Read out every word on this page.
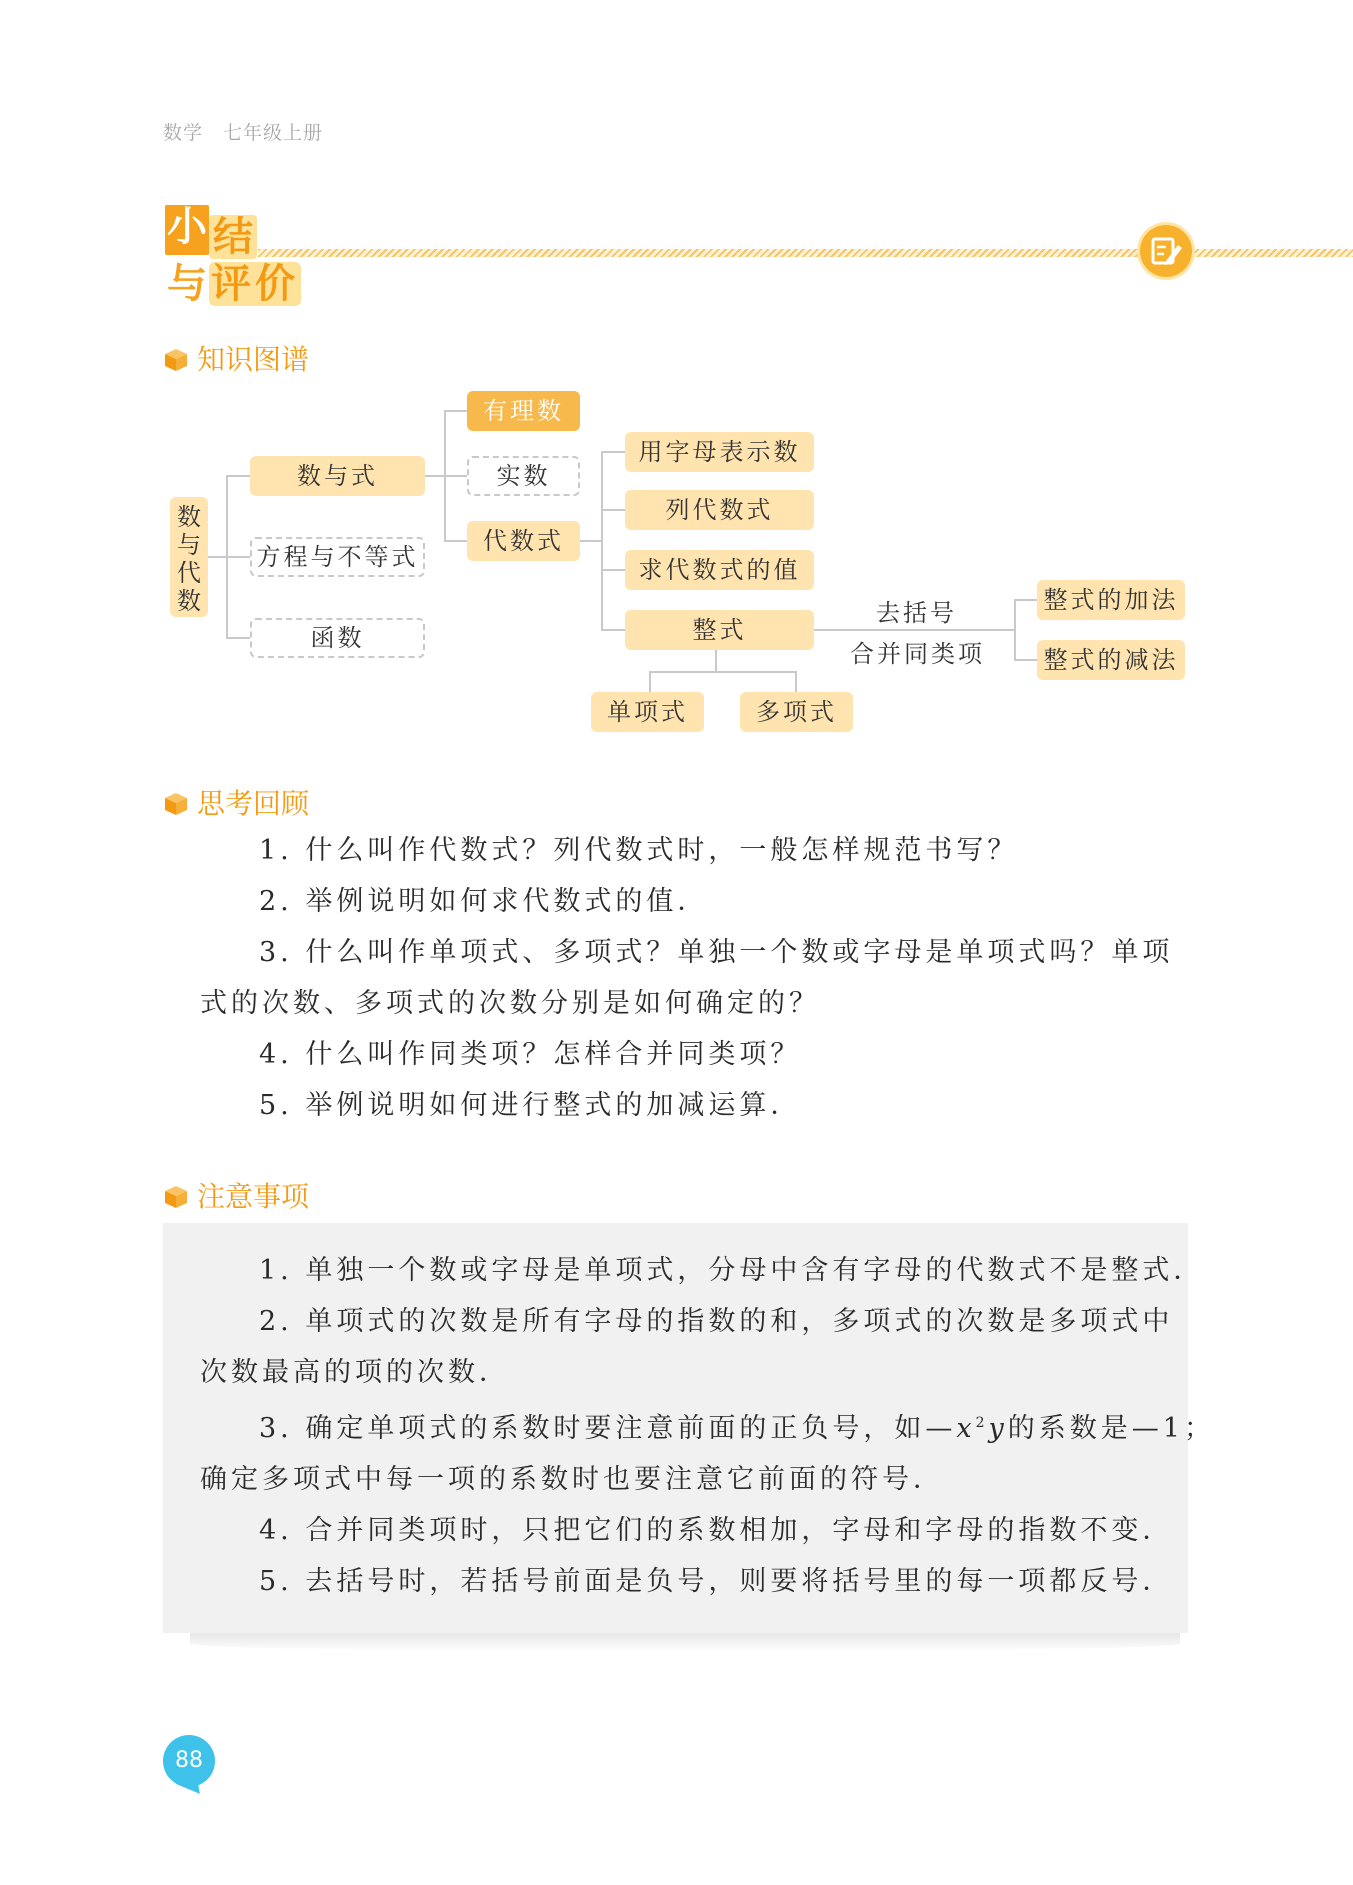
数学　七年级上册
小 结
与 评价
知识图谱
数与代数
数与式
方程与不等式
函数
有理数
实数
代数式
用字母表示数
列代数式
求代数式的值
整式
单项式	多项式
去括号
合并同类项
整式的加法
整式的减法
思考回顾
1. 什么叫作代数式？列代数式时，一般怎样规范书写？
2. 举例说明如何求代数式的值．
3. 什么叫作单项式、多项式？单独一个数或字母是单项式吗？单项
式的次数、多项式的次数分别是如何确定的？
4. 什么叫作同类项？怎样合并同类项？
5. 举例说明如何进行整式的加减运算．
注意事项
1. 单独一个数或字母是单项式，分母中含有字母的代数式不是整式．
2. 单项式的次数是所有字母的指数的和，多项式的次数是多项式中
次数最高的项的次数．
3. 确定单项式的系数时要注意前面的正负号，如$—x^2y$的系数是—1；
确定多项式中每一项的系数时也要注意它前面的符号．
4. 合并同类项时，只把它们的系数相加，字母和字母的指数不变．
5. 去括号时，若括号前面是负号，则要将括号里的每一项都反号．
88
